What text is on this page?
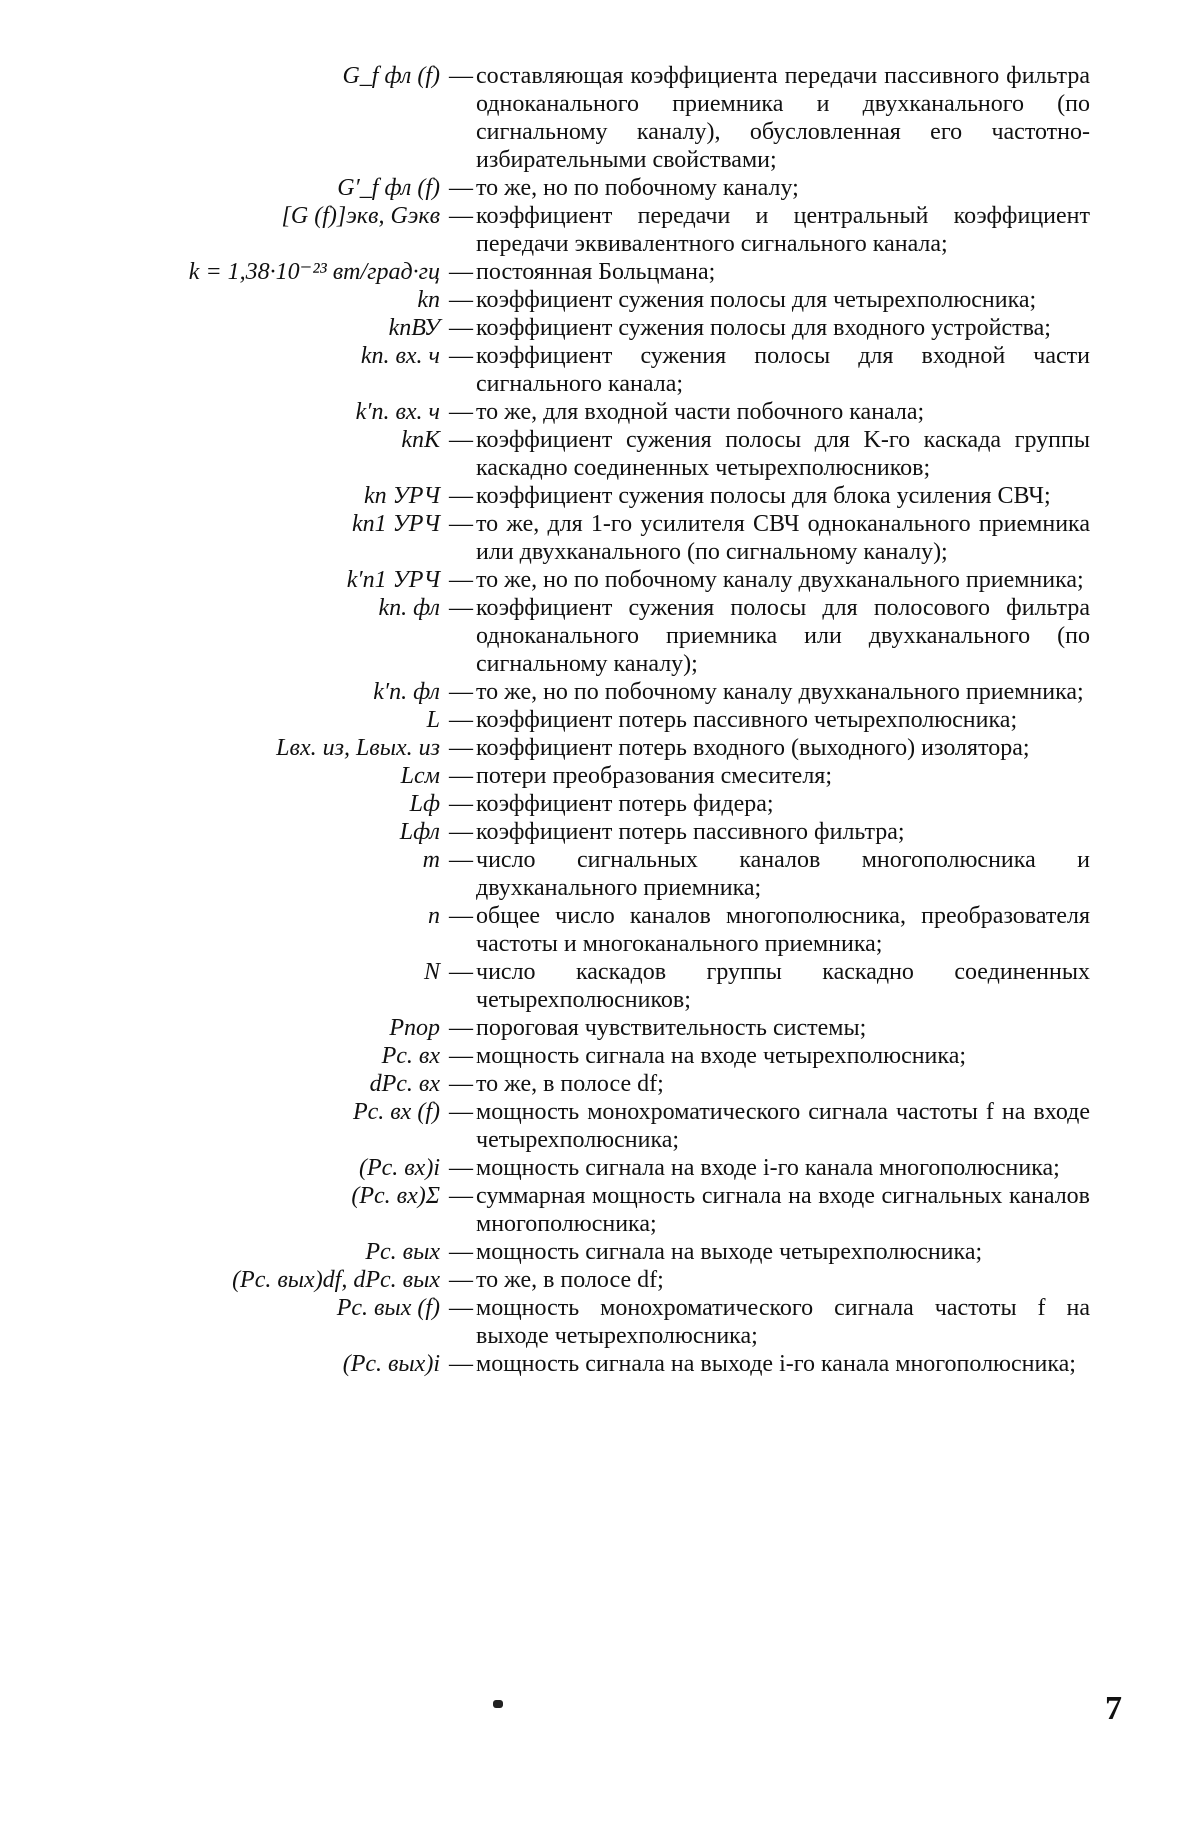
G_f фл (f) — составляющая коэффициента передачи пассивного фильтра одноканального приемника и двухканального (по сигнальному каналу), обусловленная его частотно-избирательными свойствами;
G′_f фл (f) — то же, но по побочному каналу;
[G (f)]экв, Gэкв — коэффициент передачи и центральный коэффициент передачи эквивалентного сигнального канала;
k = 1,38·10⁻²³ вт/град·гц — постоянная Больцмана;
kп — коэффициент сужения полосы для четырехполюсника;
kпВУ — коэффициент сужения полосы для входного устройства;
kп. вх. ч — коэффициент сужения полосы для входной части сигнального канала;
k′п. вх. ч — то же, для входной части побочного канала;
kпK — коэффициент сужения полосы для K-го каскада группы каскадно соединенных четырехполюсников;
kп УРЧ — коэффициент сужения полосы для блока усиления СВЧ;
kп1 УРЧ — то же, для 1-го усилителя СВЧ одноканального приемника или двухканального (по сигнальному каналу);
k′п1 УРЧ — то же, но по побочному каналу двухканального приемника;
kп. фл — коэффициент сужения полосы для полосового фильтра одноканального приемника или двухканального (по сигнальному каналу);
k′п. фл — то же, но по побочному каналу двухканального приемника;
L — коэффициент потерь пассивного четырехполюсника;
Lвх. из, Lвых. из — коэффициент потерь входного (выходного) изолятора;
Lсм — потери преобразования смесителя;
Lф — коэффициент потерь фидера;
Lфл — коэффициент потерь пассивного фильтра;
m — число сигнальных каналов многополюсника и двухканального приемника;
n — общее число каналов многополюсника, преобразователя частоты и многоканального приемника;
N — число каскадов группы каскадно соединенных четырехполюсников;
Pпор — пороговая чувствительность системы;
Pс. вх — мощность сигнала на входе четырехполюсника;
dPс. вх — то же, в полосе df;
Pс. вх (f) — мощность монохроматического сигнала частоты f на входе четырехполюсника;
(Pс. вх)i — мощность сигнала на входе i-го канала многополюсника;
(Pс. вх)Σ — суммарная мощность сигнала на входе сигнальных каналов многополюсника;
Pс. вых — мощность сигнала на выходе четырехполюсника;
(Pс. вых)df, dPс. вых — то же, в полосе df;
Pс. вых (f) — мощность монохроматического сигнала частоты f на выходе четырехполюсника;
(Pс. вых)i — мощность сигнала на выходе i-го канала многополюсника;
7
